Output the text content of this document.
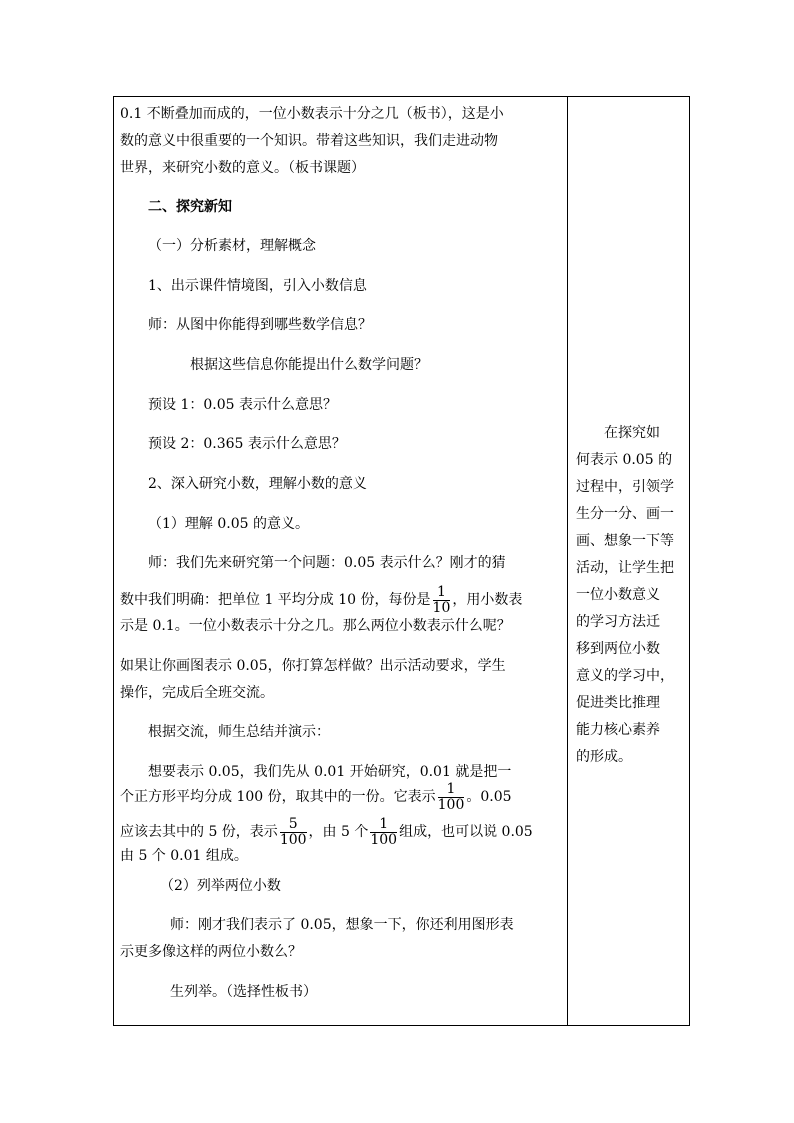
0.1 不断叠加而成的，一位小数表示十分之几（板书），这是小
数的意义中很重要的一个知识。带着这些知识，我们走进动物
世界，来研究小数的意义。（板书课题）
二、探究新知
（一）分析素材，理解概念
1、出示课件情境图，引入小数信息
师：从图中你能得到哪些数学信息？
根据这些信息你能提出什么数学问题？
预设 1：0.05 表示什么意思？
预设 2：0.365 表示什么意思？
2、深入研究小数，理解小数的意义
（1）理解 0.05 的意义。
师：我们先来研究第一个问题：0.05 表示什么？刚才的猜
数中我们明确：把单位 1 平均分成 10 份，每份是 $\frac{1}{10}$ ，用小数表
示是 0.1。一位小数表示十分之几。那么两位小数表示什么呢？
如果让你画图表示 0.05，你打算怎样做？出示活动要求，学生
操作，完成后全班交流。
根据交流，师生总结并演示：
想要表示 0.05，我们先从 0.01 开始研究，0.01 就是把一
个正方形平均分成 100 份，取其中的一份。它表示 $\frac{1}{100}$ 。0.05
应该去其中的 5 份，表示 $\frac{5}{100}$ ，由 5 个 $\frac{1}{100}$ 组成，也可以说 0.05
由 5 个 0.01 组成。
（2）列举两位小数
师：刚才我们表示了 0.05，想象一下，你还利用图形表
示更多像这样的两位小数么？
生列举。（选择性板书）
在探究如
何表示 0.05 的
过程中，引领学
生分一分、画一
画、想象一下等
活动，让学生把
一位小数意义
的学习方法迁
移到两位小数
意义的学习中，
促进类比推理
能力核心素养
的形成。
